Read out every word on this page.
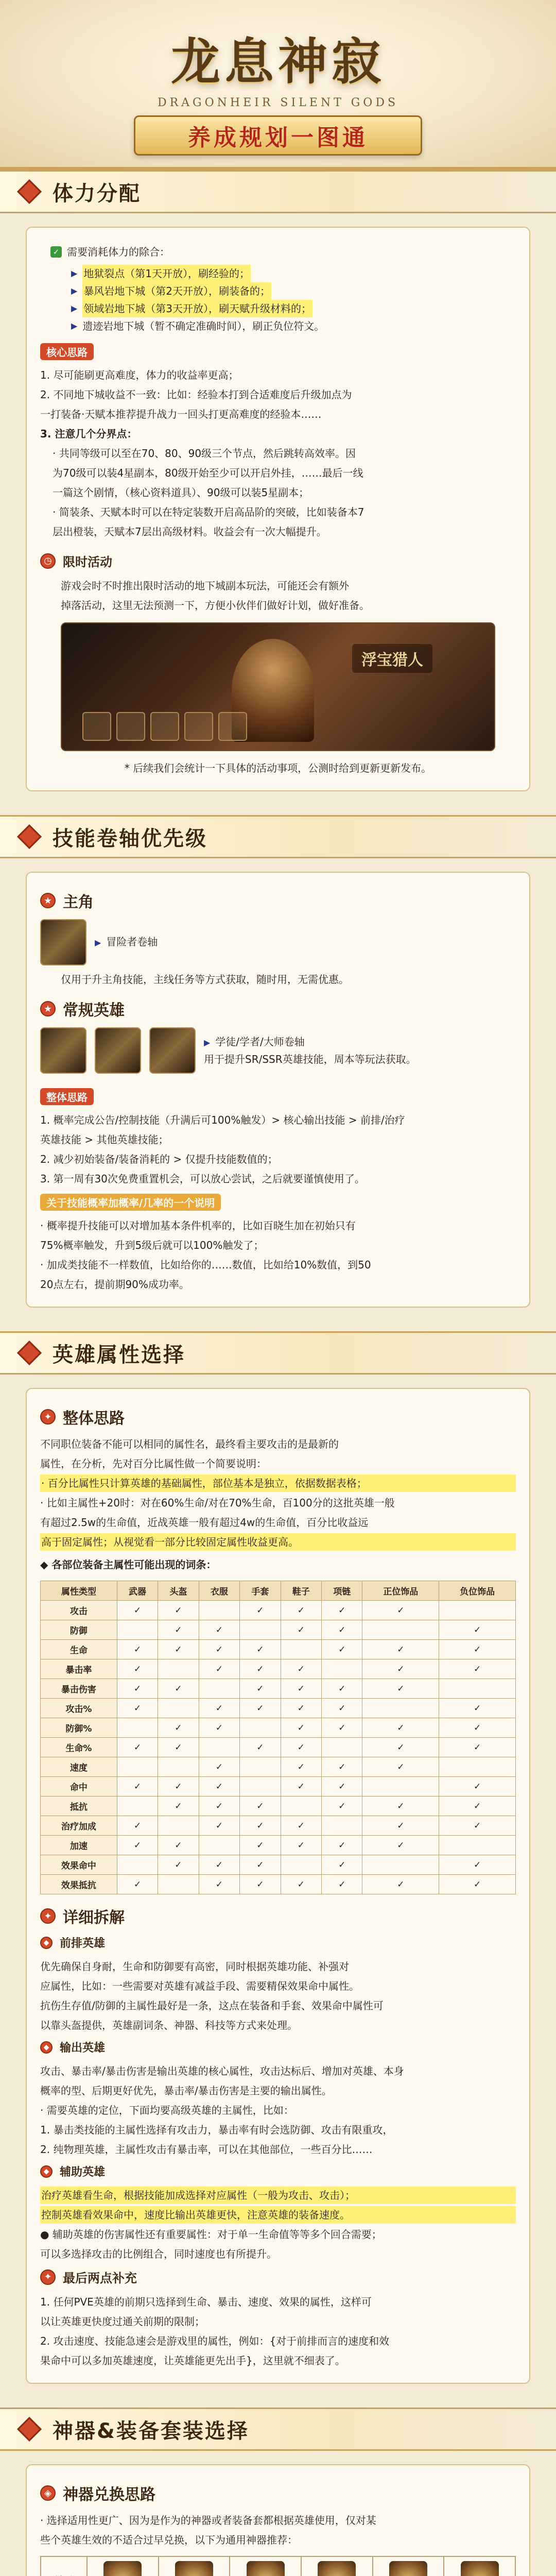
龙息神寂
DRAGONHEIR SILENT GODS
养成规划一图通
体力分配
✓ 需要消耗体力的除合：
▶ 地狱裂点（第1天开放），刷经验的；
▶ 暴风岩地下城（第2天开放），刷装备的；
▶ 领域岩地下城（第3天开放），刷天赋升级材料的；
▶ 遗迹岩地下城（暂不确定准确时间），刷正负位符文。
核心思路

1. 尽可能刷更高难度，体力的收益率更高；

2. 不同地下城收益不一致：比如：经验本打到合适难度后升级加点为

一打装备·天赋本推荐提升战力一回头打更高难度的经验本……

3. 注意几个分界点：

· 共同等级可以至在70、80、90级三个节点，然后跳转高效率。因

为70级可以装4星副本，80级开始至少可以开启外挂，……最后一线

一篇这个剧情，（核心资料道具）、90级可以装5星副本；

· 简装条、天赋本时可以在特定装数开启高品阶的突破，比如装备本7

层出橙装，天赋本7层出高级材料。收益会有一次大幅提升。

◷ 限时活动

游戏会时不时推出限时活动的地下城副本玩法，可能还会有额外

掉落活动，这里无法预测一下，方便小伙伴们做好计划，做好准备。

浮宝猎人

* 后续我们会统计一下具体的活动事项，公测时给到更新更新发布。

技能卷轴优先级
★ 主角
▶ 冒险者卷轴

仅用于升主角技能，主线任务等方式获取，随时用，无需优惠。

★ 常规英雄
▶ 学徒/学者/大师卷轴
用于提升SR/SSR英雄技能，周本等玩法获取。
整体思路

1. 概率完成公告/控制技能（升满后可100%触发）> 核心输出技能 > 前排/治疗

英雄技能 > 其他英雄技能；

2. 减少初始装备/装备消耗的 > 仅提升技能数值的；

3. 第一周有30次免费重置机会，可以放心尝试，之后就要谨慎使用了。

关于技能概率加概率/几率的一个说明

· 概率提升技能可以对增加基本条件机率的，比如百晓生加在初始只有

75%概率触发，升到5级后就可以100%触发了；

· 加成类技能不一样数值，比如给你的……数值，比如给10%数值，到50

20点左右，提前期90%成功率。

英雄属性选择
✦ 整体思路

不同职位装备不能可以相同的属性名，最终看主要攻击的是最新的

属性，在分析，先对百分比属性做一个简要说明：

· 百分比属性只计算英雄的基础属性，部位基本是独立，依据数据表格；

· 比如主属性+20时：对在60%生命/对在70%生命，百100分的这批英雄一般

有超过2.5w的生命值，近战英雄一般有超过4w的生命值，百分比收益远

高于固定属性；从视觉看一部分比较固定属性收益更高。

◆ 各部位装备主属性可能出现的词条：

属性类型	武器	头盔	衣服	手套	鞋子	项链	正位饰品	负位饰品
攻击	✓	✓		✓	✓	✓	✓	
防御		✓	✓		✓	✓		✓
生命	✓	✓	✓	✓		✓	✓	✓
暴击率	✓		✓	✓	✓		✓	✓
暴击伤害	✓	✓		✓	✓	✓	✓	
攻击%	✓		✓	✓	✓	✓		✓
防御%		✓	✓		✓	✓	✓	✓
生命%	✓	✓		✓	✓		✓	✓
速度			✓		✓	✓	✓	
命中	✓	✓	✓		✓	✓		✓
抵抗		✓	✓	✓		✓	✓	✓
治疗加成	✓		✓	✓	✓		✓	✓
加速	✓	✓		✓	✓	✓	✓	
效果命中		✓	✓	✓		✓		✓
效果抵抗	✓		✓	✓	✓	✓	✓	✓
✦ 详细拆解
◆ 前排英雄

优先确保自身耐，生命和防御要有高密，同时根据英雄功能、补强对

应属性，比如：一些需要对英雄有减益手段、需要精保效果命中属性。

抗伤生存值/防御的主属性最好是一条，这点在装备和手套、效果命中属性可

以靠头盔提供，英雄副词条、神器、科技等方式来处理。

◆ 输出英雄

攻击、暴击率/暴击伤害是输出英雄的核心属性，攻击达标后、增加对英雄、本身

概率的型、后期更好优先，暴击率/暴击伤害是主要的输出属性。

· 需要英雄的定位，下面均要高级英雄的主属性，比如：

1. 暴击类技能的主属性选择有攻击力，暴击率有时会选防御、攻击有限重攻，

2. 纯物理英雄，主属性攻击有暴击率，可以在其他部位，一些百分比……

◆ 辅助英雄

治疗英雄看生命，根据技能加成选择对应属性（一般为攻击、攻击）；

控制英雄看效果命中，速度比输出英雄更快，注意英雄的装备速度。

● 辅助英雄的伤害属性还有重要属性：对于单一生命值等等多个回合需要；

可以多选择攻击的比例组合，同时速度也有所提升。

✦ 最后两点补充

1. 任何PVE英雄的前期只选择到生命、暴击、速度、效果的属性，这样可

以让英雄更快度过通关前期的限制；

2. 攻击速度、技能急速会是游戏里的属性，例如：{对于前排而言的速度和效

果命中可以多加英雄速度，让英雄能更先出手}，这里就不细表了。

神器&装备套装选择
◈ 神器兑换思路

· 选择适用性更广、因为是作为的神器或者装备套都根据英雄使用，仅对某

些个英雄生效的不适合过早兑换，以下为通用神器推荐：
